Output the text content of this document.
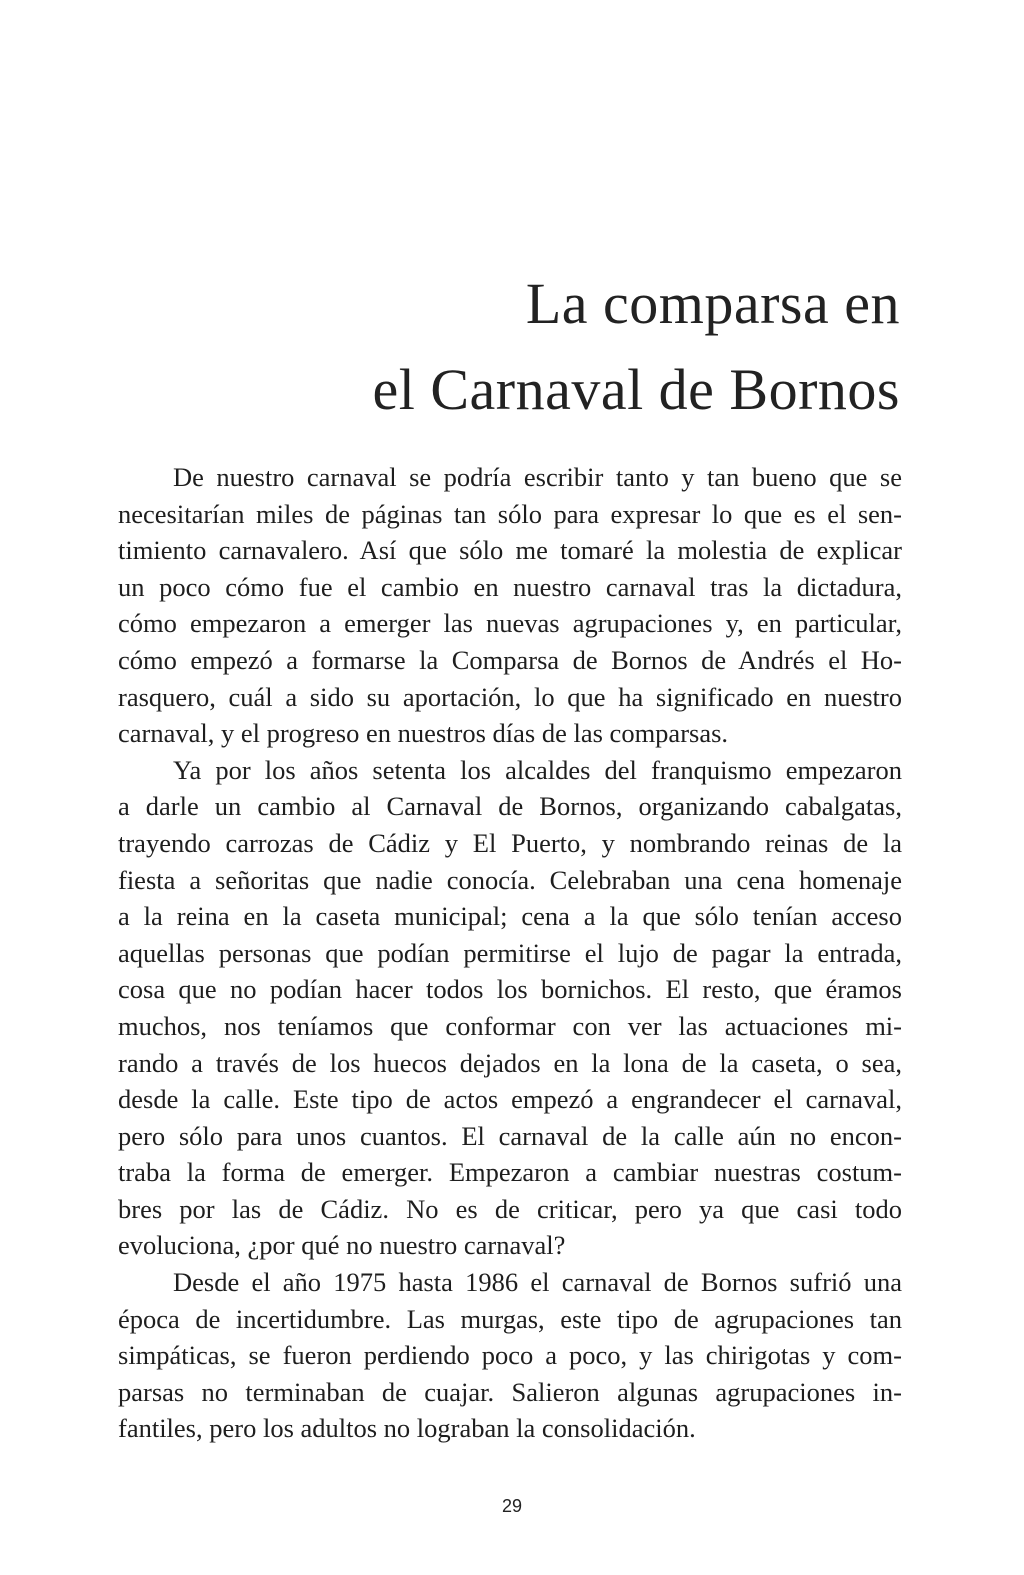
La comparsa en
el Carnaval de Bornos
De nuestro carnaval se podría escribir tanto y tan bueno que se
necesitarían miles de páginas tan sólo para expresar lo que es el sen-
timiento carnavalero. Así que sólo me tomaré la molestia de explicar
un poco cómo fue el cambio en nuestro carnaval tras la dictadura,
cómo empezaron a emerger las nuevas agrupaciones y, en particular,
cómo empezó a formarse la Comparsa de Bornos de Andrés el Ho-
rasquero, cuál a sido su aportación, lo que ha significado en nuestro
carnaval, y el progreso en nuestros días de las comparsas.
Ya por los años setenta los alcaldes del franquismo empezaron
a darle un cambio al Carnaval de Bornos, organizando cabalgatas,
trayendo carrozas de Cádiz y El Puerto, y nombrando reinas de la
fiesta a señoritas que nadie conocía. Celebraban una cena homenaje
a la reina en la caseta municipal; cena a la que sólo tenían acceso
aquellas personas que podían permitirse el lujo de pagar la entrada,
cosa que no podían hacer todos los bornichos. El resto, que éramos
muchos, nos teníamos que conformar con ver las actuaciones mi-
rando a través de los huecos dejados en la lona de la caseta, o sea,
desde la calle. Este tipo de actos empezó a engrandecer el carnaval,
pero sólo para unos cuantos. El carnaval de la calle aún no encon-
traba la forma de emerger. Empezaron a cambiar nuestras costum-
bres por las de Cádiz. No es de criticar, pero ya que casi todo
evoluciona, ¿por qué no nuestro carnaval?
Desde el año 1975 hasta 1986 el carnaval de Bornos sufrió una
época de incertidumbre. Las murgas, este tipo de agrupaciones tan
simpáticas, se fueron perdiendo poco a poco, y las chirigotas y com-
parsas no terminaban de cuajar. Salieron algunas agrupaciones in-
fantiles, pero los adultos no lograban la consolidación.
29
